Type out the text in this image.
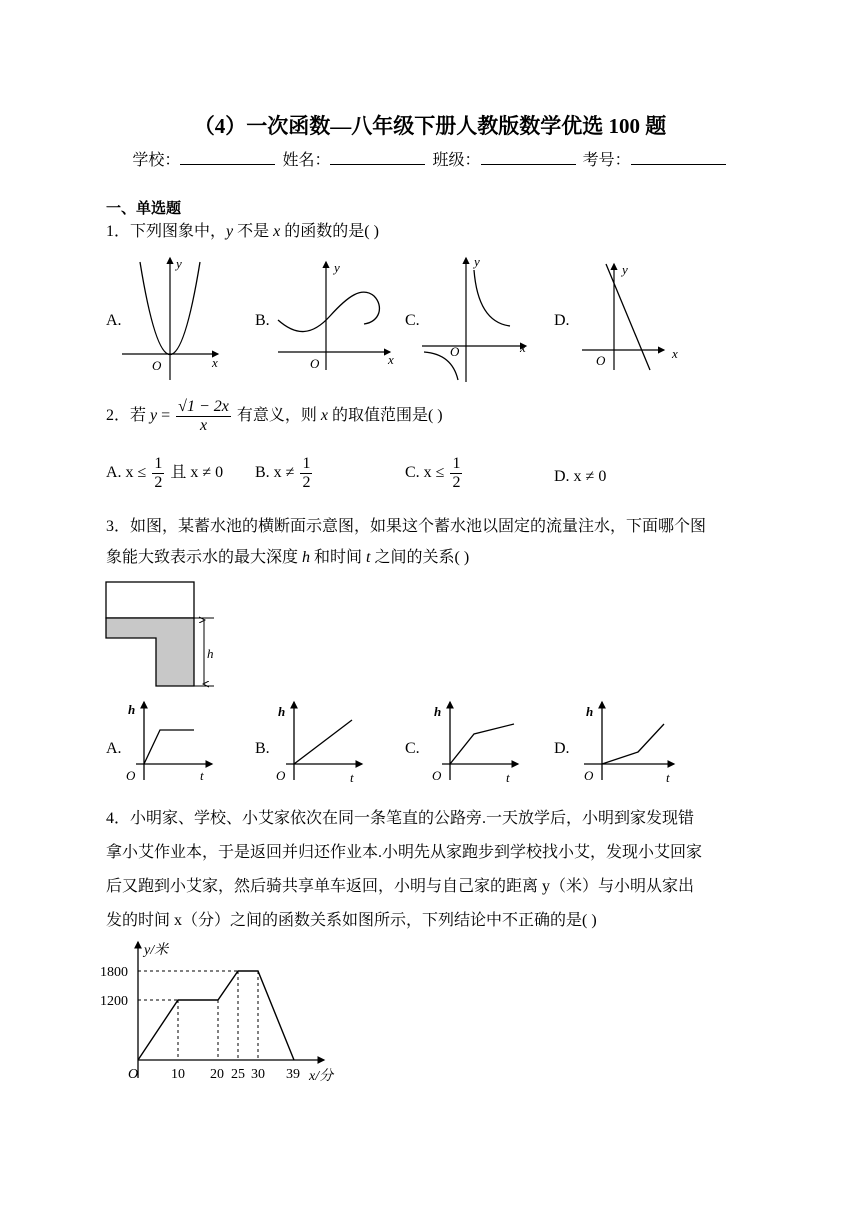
（4）一次函数—八年级下册人教版数学优选 100 题
学校：	姓名：	班级：	考号：
一、单选题
1．下列图象中，y 不是 x 的函数的是( )
A.	B.	C.	D.
y
x
O
y
x
O
y
x
O
y
x
O
2．若 $y = \frac{√1 - 2x}{x}$ 有意义，则 x 的取值范围是( )
A. $x \le \frac{1}{2}$ 且 x ≠ 0 B. $x \ne \frac{1}{2}$	C. $x \le \frac{1}{2}$	D. x ≠ 0
3．如图，某蓄水池的横断面示意图，如果这个蓄水池以固定的流量注水，下面哪个图
象能大致表示水的最大深度 h 和时间 t 之间的关系( )
h
A.	B.	C.	D.
h
t
O
h
t
O
h
t
O
h
t
O
4．小明家、学校、小艾家依次在同一条笔直的公路旁.一天放学后，小明到家发现错
拿小艾作业本，于是返回并归还作业本.小明先从家跑步到学校找小艾，发现小艾回家
后又跑到小艾家，然后骑共享单车返回，小明与自己家的距离 y（米）与小明从家出
发的时间 x（分）之间的函数关系如图所示，下列结论中不正确的是( )
y/米
1800
1200
O 10 20 25 30 39 x/分
